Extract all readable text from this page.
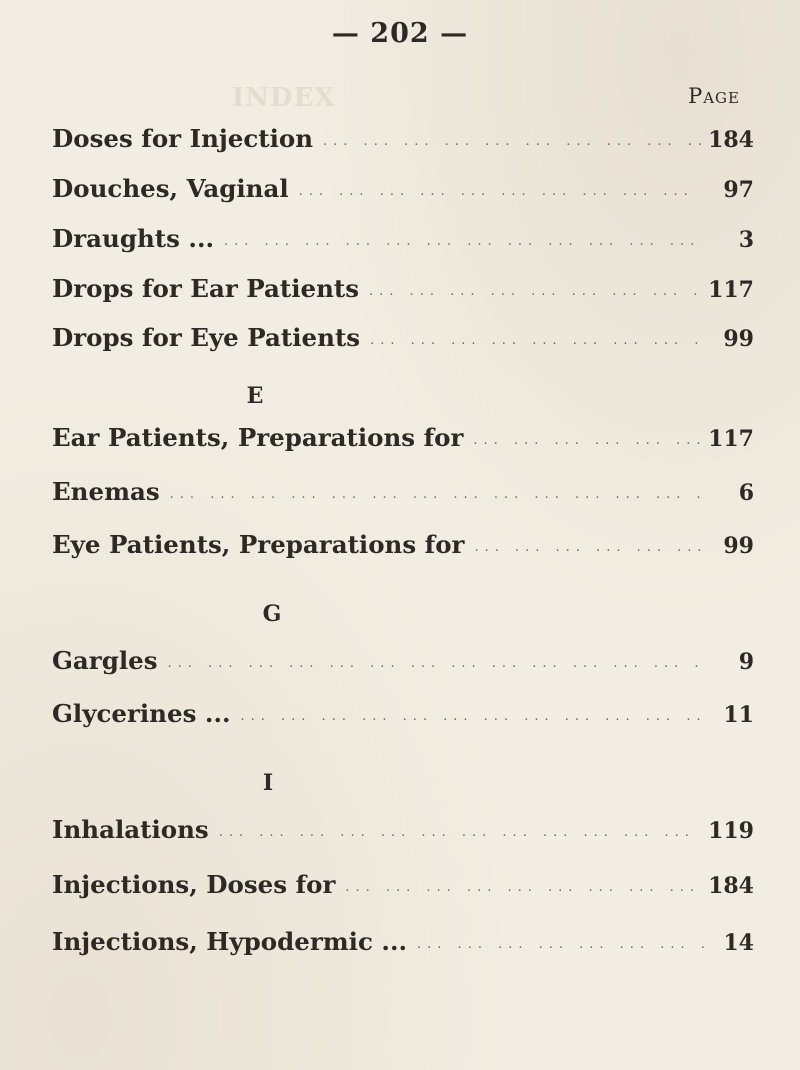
— 202 —
INDEX	Page
Doses for Injection ... .	184
Douches, Vaginal ... .	97
Draughts ... ... .	3
Drops for Ear Patients ... .	117
Drops for Eye Patients ... .	99
E
Ear Patients, Preparations for ... .	117
Enemas ... .	6
Eye Patients, Preparations for ... .	99
G
Gargles ... .	9
Glycerines ... ... .	11
I
Inhalations ... .	119
Injections, Doses for ... .	184
Injections, Hypodermic ... ... .	14
